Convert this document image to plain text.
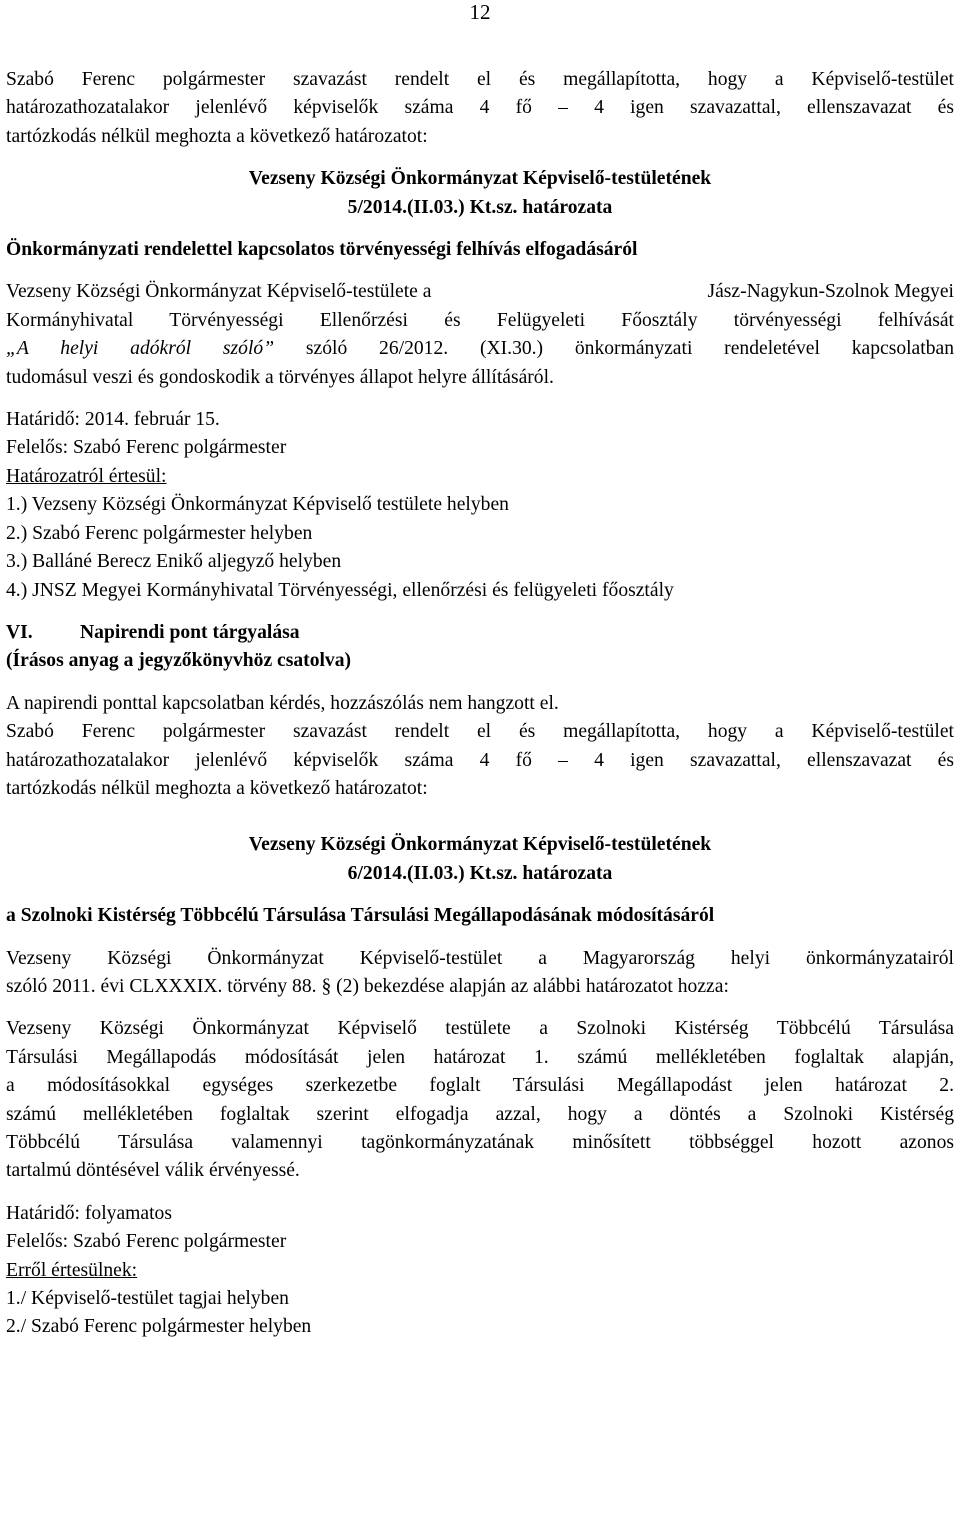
12

Szabó Ferenc polgármester szavazást rendelt el és megállapította, hogy a Képviselő-testület

határozathozatalakor jelenlévő képviselők száma 4 fő – 4 igen szavazattal, ellenszavazat és

tartózkodás nélkül meghozta a következő határozatot:

Vezseny Községi Önkormányzat Képviselő-testületének

5/2014.(II.03.) Kt.sz. határozata

Önkormányzati rendelettel kapcsolatos törvényességi felhívás elfogadásáról

Vezseny Községi Önkormányzat Képviselő-testülete a	Jász-Nagykun-Szolnok Megyei

Kormányhivatal Törvényességi Ellenőrzési és Felügyeleti Főosztály törvényességi felhívását

„A helyi adókról szóló” szóló 26/2012. (XI.30.) önkormányzati rendeletével kapcsolatban

tudomásul veszi és gondoskodik a törvényes állapot helyre állításáról.

Határidő: 2014. február 15.

Felelős: Szabó Ferenc polgármester

Határozatról értesül:

1.) Vezseny Községi Önkormányzat Képviselő testülete helyben

2.) Szabó Ferenc polgármester helyben

3.) Balláné Berecz Enikő aljegyző helyben

4.) JNSZ Megyei Kormányhivatal Törvényességi, ellenőrzési és felügyeleti főosztály

VI.	Napirendi pont tárgyalása

(Írásos anyag a jegyzőkönyvhöz csatolva)

A napirendi ponttal kapcsolatban kérdés, hozzászólás nem hangzott el.

Szabó Ferenc polgármester szavazást rendelt el és megállapította, hogy a Képviselő-testület

határozathozatalakor jelenlévő képviselők száma 4 fő – 4 igen szavazattal, ellenszavazat és

tartózkodás nélkül meghozta a következő határozatot:

Vezseny Községi Önkormányzat Képviselő-testületének

6/2014.(II.03.) Kt.sz. határozata

a Szolnoki Kistérség Többcélú Társulása Társulási Megállapodásának módosításáról

Vezseny Községi Önkormányzat Képviselő-testület a Magyarország helyi önkormányzatairól

szóló 2011. évi CLXXXIX. törvény 88. § (2) bekezdése alapján az alábbi határozatot hozza:

Vezseny Községi Önkormányzat Képviselő testülete a Szolnoki Kistérség Többcélú Társulása

Társulási Megállapodás módosítását jelen határozat 1. számú mellékletében foglaltak alapján,

a módosításokkal egységes szerkezetbe foglalt Társulási Megállapodást jelen határozat 2.

számú mellékletében foglaltak szerint elfogadja azzal, hogy a döntés a Szolnoki Kistérség

Többcélú Társulása valamennyi tagönkormányzatának minősített többséggel hozott azonos

tartalmú döntésével válik érvényessé.

Határidő: folyamatos

Felelős: Szabó Ferenc polgármester

Erről értesülnek:

1./ Képviselő-testület tagjai helyben

2./ Szabó Ferenc polgármester helyben
